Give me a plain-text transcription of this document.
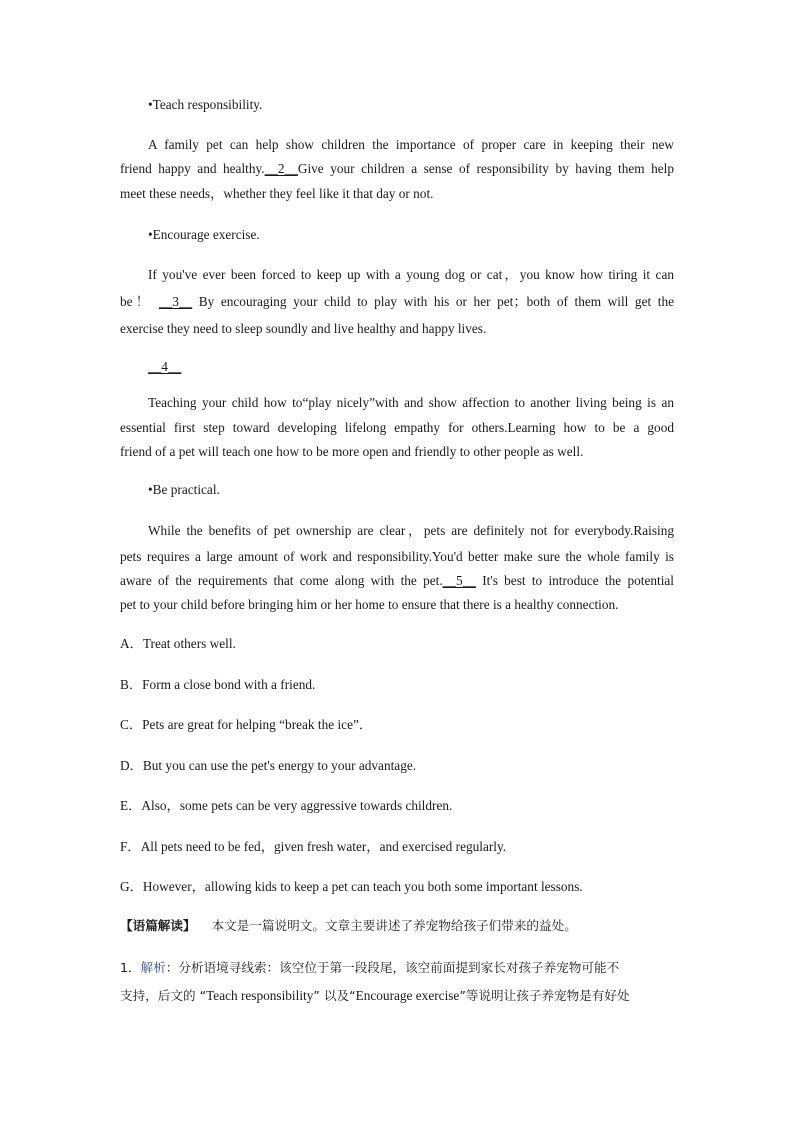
•Teach responsibility.
A family pet can help show children the importance of proper care in keeping their new
friend happy and healthy.__2__Give your children a sense of responsibility by having them help
meet these needs，whether they feel like it that day or not.
•Encourage exercise.
If you've ever been forced to keep up with a young dog or cat，you know how tiring it can
be！ __3__ By encouraging your child to play with his or her pet；both of them will get the
exercise they need to sleep soundly and live healthy and happy lives.
__4__
Teaching your child how to“play nicely”with and show affection to another living being is an
essential first step toward developing lifelong empathy for others.Learning how to be a good
friend of a pet will teach one how to be more open and friendly to other people as well.
•Be practical.
While the benefits of pet ownership are clear，pets are definitely not for everybody.Raising
pets requires a large amount of work and responsibility.You'd better make sure the whole family is
aware of the requirements that come along with the pet.__5__ It's best to introduce the potential
pet to your child before bringing him or her home to ensure that there is a healthy connection.
A．Treat others well.
B．Form a close bond with a friend.
C．Pets are great for helping “break the ice”．
D．But you can use the pet's energy to your advantage.
E．Also，some pets can be very aggressive towards children.
F．All pets need to be fed，given fresh water，and exercised regularly.
G．However，allowing kids to keep a pet can teach you both some important lessons.
【语篇解读】 本文是一篇说明文。文章主要讲述了养宠物给孩子们带来的益处。
1．解析：分析语境寻线索：该空位于第一段段尾，该空前面提到家长对孩子养宠物可能不
支持，后文的 “Teach responsibility” 以及“Encourage exercise”等说明让孩子养宠物是有好处
